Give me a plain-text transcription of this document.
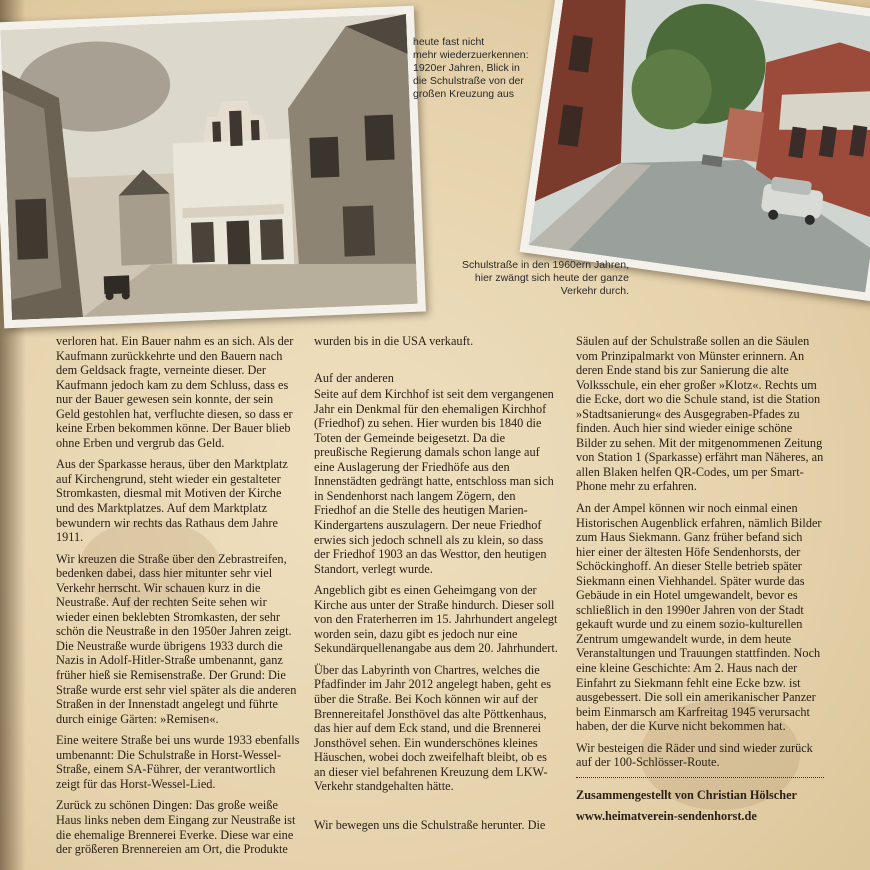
heute fast nicht
mehr wiederzuerkennen:
1920er Jahren, Blick in
die Schulstraße von der
großen Kreuzung aus

Schulstraße in den 1960ern Jahren,
hier zwängt sich heute der ganze
Verkehr durch.

verloren hat. Ein Bauer nahm es an sich. Als der Kaufmann zurückkehrte und den Bauern nach dem Geldsack fragte, verneinte dieser. Der Kaufmann jedoch kam zu dem Schluss, dass es nur der Bauer gewesen sein konnte, der sein Geld gestohlen hat, verfluchte diesen, so dass er keine Erben bekommen könne. Der Bauer blieb ohne Erben und vergrub das Geld.

Aus der Sparkasse heraus, über den Marktplatz auf Kirchengrund, steht wieder ein gestalteter Stromkasten, diesmal mit Motiven der Kirche und des Marktplatzes. Auf dem Marktplatz bewundern wir rechts das Rathaus dem Jahre 1911.

Wir kreuzen die Straße über den Zebrastreifen, bedenken dabei, dass hier mitunter sehr viel Verkehr herrscht. Wir schauen kurz in die Neustraße. Auf der rechten Seite sehen wir wieder einen beklebten Stromkasten, der sehr schön die Neustraße in den 1950er Jahren zeigt. Die Neustraße wurde übrigens 1933 durch die Nazis in Adolf-Hitler-Straße umbenannt, ganz früher hieß sie Remisenstraße. Der Grund: Die Straße wurde erst sehr viel später als die anderen Straßen in der Innenstadt angelegt und führte durch einige Gärten: »Remisen«.

Eine weitere Straße bei uns wurde 1933 ebenfalls umbenannt: Die Schulstraße in Horst-Wessel-Straße, einem SA-Führer, der verantwortlich zeigt für das Horst-Wessel-Lied.

Zurück zu schönen Dingen: Das große weiße Haus links neben dem Eingang zur Neustraße ist die ehemalige Brennerei Everke. Diese war eine der größeren Brennereien am Ort, die Produkte

wurden bis in die USA verkauft.

Auf der anderen

Seite auf dem Kirchhof ist seit dem vergangenen Jahr ein Denkmal für den ehemaligen Kirchhof (Friedhof) zu sehen. Hier wurden bis 1840 die Toten der Gemeinde beigesetzt. Da die preußische Regierung damals schon lange auf eine Auslagerung der Friedhöfe aus den Innenstädten gedrängt hatte, entschloss man sich in Sendenhorst nach langem Zögern, den Friedhof an die Stelle des heutigen Marien-Kindergartens auszulagern. Der neue Friedhof erwies sich jedoch schnell als zu klein, so dass der Friedhof 1903 an das Westtor, den heutigen Standort, verlegt wurde.

Angeblich gibt es einen Geheimgang von der Kirche aus unter der Straße hindurch. Dieser soll von den Fraterherren im 15. Jahrhundert angelegt worden sein, dazu gibt es jedoch nur eine Sekundärquellenangabe aus dem 20. Jahrhundert.

Über das Labyrinth von Chartres, welches die Pfadfinder im Jahr 2012 angelegt haben, geht es über die Straße. Bei Koch können wir auf der Brennereitafel Jonsthövel das alte Pöttkenhaus, das hier auf dem Eck stand, und die Brennerei Jonsthövel sehen. Ein wunderschönes kleines Häuschen, wobei doch zweifelhaft bleibt, ob es an dieser viel befahrenen Kreuzung dem LKW-Verkehr standgehalten hätte.

Wir bewegen uns die Schulstraße herunter. Die

Säulen auf der Schulstraße sollen an die Säulen vom Prinzipalmarkt von Münster erinnern. An deren Ende stand bis zur Sanierung die alte Volksschule, ein eher großer »Klotz«. Rechts um die Ecke, dort wo die Schule stand, ist die Station »Stadtsanierung« des Ausgegraben-Pfades zu finden. Auch hier sind wieder einige schöne Bilder zu sehen. Mit der mitgenommenen Zeitung von Station 1 (Sparkasse) erfährt man Näheres, an allen Blaken helfen QR-Codes, um per Smart-Phone mehr zu erfahren.

An der Ampel können wir noch einmal einen Historischen Augenblick erfahren, nämlich Bilder zum Haus Siekmann. Ganz früher befand sich hier einer der ältesten Höfe Sendenhorsts, der Schöckinghoff. An dieser Stelle betrieb später Siekmann einen Viehhandel. Später wurde das Gebäude in ein Hotel umgewandelt, bevor es schließlich in den 1990er Jahren von der Stadt gekauft wurde und zu einem sozio-kulturellen Zentrum umgewandelt wurde, in dem heute Veranstaltungen und Trauungen stattfinden. Noch eine kleine Geschichte: Am 2. Haus nach der Einfahrt zu Siekmann fehlt eine Ecke bzw. ist ausgebessert. Die soll ein amerikanischer Panzer beim Einmarsch am Karfreitag 1945 verursacht haben, der die Kurve nicht bekommen hat.

Wir besteigen die Räder und sind wieder zurück auf der 100-Schlösser-Route.

Zusammengestellt von Christian Hölscher

www.heimatverein-sendenhorst.de
